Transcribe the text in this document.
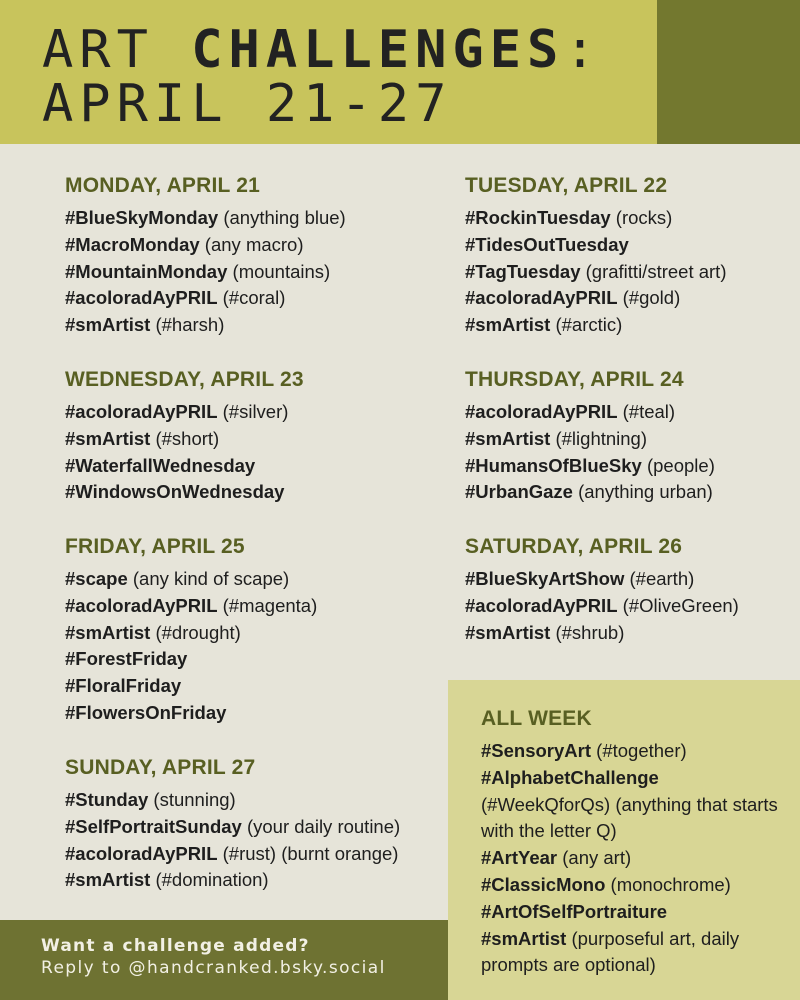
ART CHALLENGES:
APRIL 21-27
MONDAY, APRIL 21
#BlueSkyMonday (anything blue)
#MacroMonday (any macro)
#MountainMonday (mountains)
#acoloradAyPRIL (#coral)
#smArtist (#harsh)
TUESDAY, APRIL 22
#RockinTuesday (rocks)
#TidesOutTuesday
#TagTuesday (grafitti/street art)
#acoloradAyPRIL (#gold)
#smArtist (#arctic)
WEDNESDAY, APRIL 23
#acoloradAyPRIL (#silver)
#smArtist (#short)
#WaterfallWednesday
#WindowsOnWednesday
THURSDAY, APRIL 24
#acoloradAyPRIL (#teal)
#smArtist (#lightning)
#HumansOfBlueSky (people)
#UrbanGaze (anything urban)
FRIDAY, APRIL 25
#scape (any kind of scape)
#acoloradAyPRIL (#magenta)
#smArtist (#drought)
#ForestFriday
#FloralFriday
#FlowersOnFriday
SATURDAY, APRIL 26
#BlueSkyArtShow (#earth)
#acoloradAyPRIL (#OliveGreen)
#smArtist (#shrub)
SUNDAY, APRIL 27
#Stunday (stunning)
#SelfPortraitSunday (your daily routine)
#acoloradAyPRIL (#rust) (burnt orange)
#smArtist (#domination)
ALL WEEK
#SensoryArt (#together)
#AlphabetChallenge (#WeekQforQs) (anything that starts with the letter Q)
#ArtYear (any art)
#ClassicMono (monochrome)
#ArtOfSelfPortraiture
#smArtist (purposeful art, daily prompts are optional)
Want a challenge added?
Reply to @handcranked.bsky.social
